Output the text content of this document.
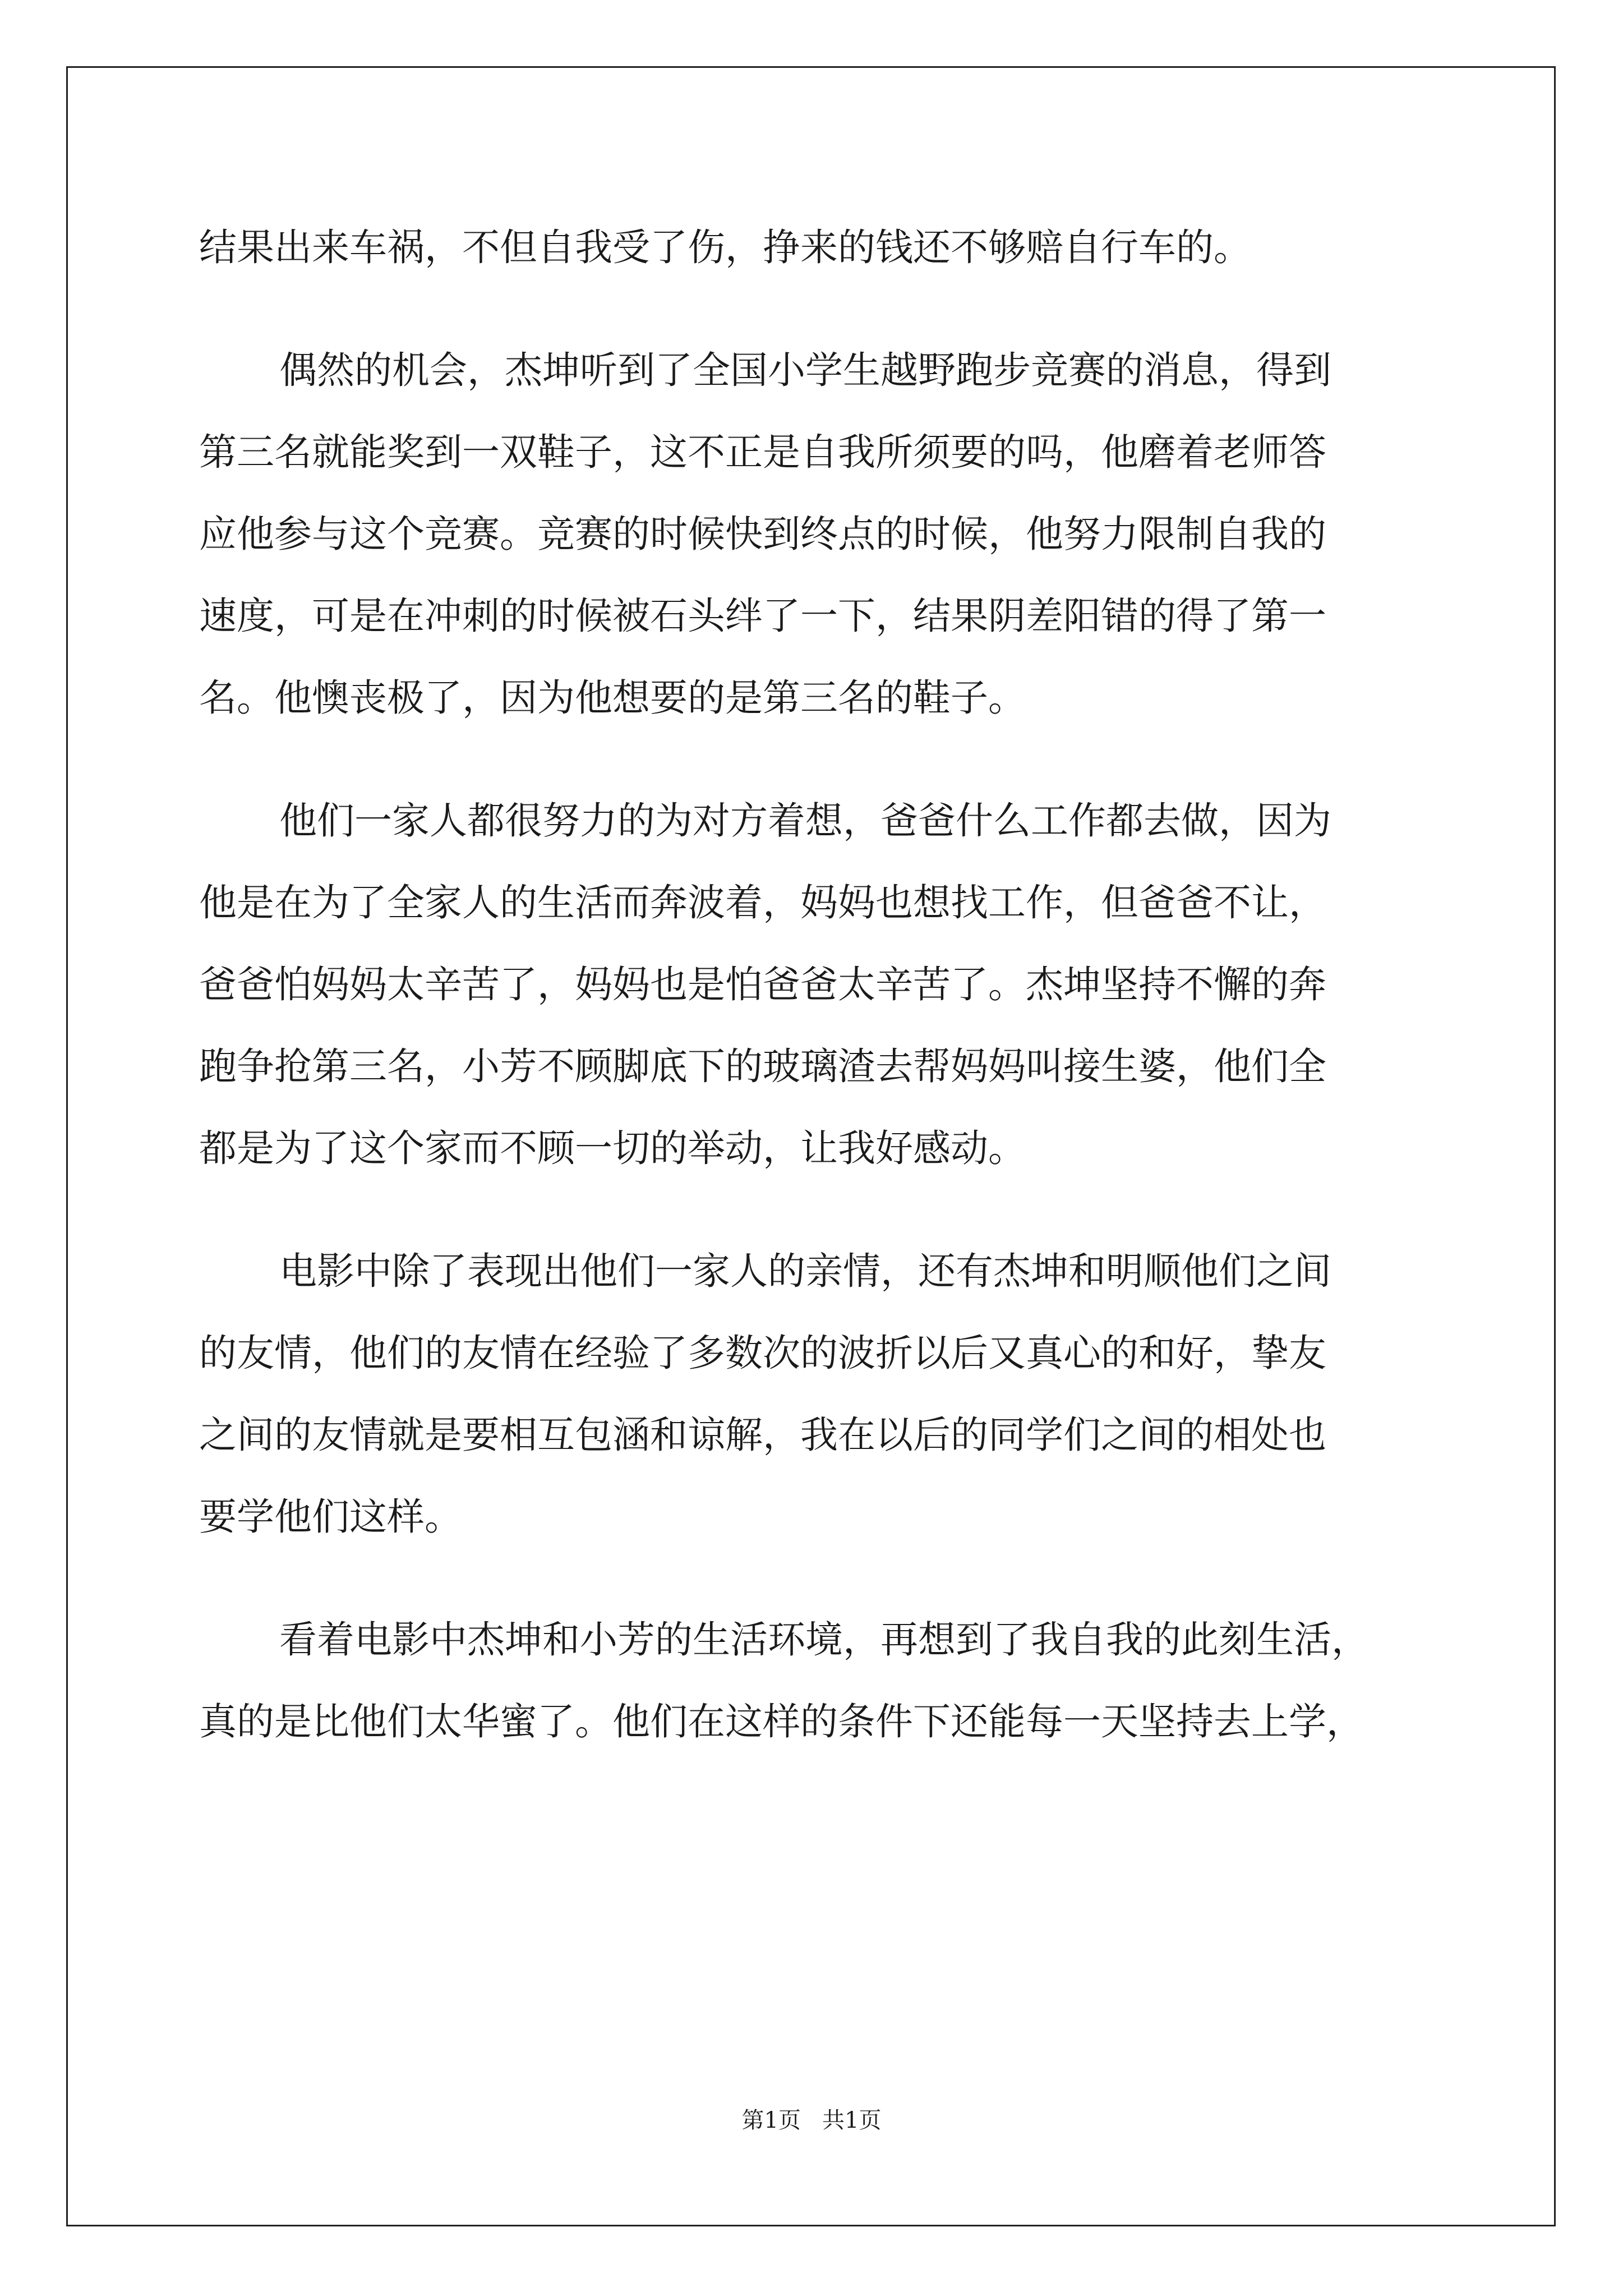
结果出来车祸，不但自我受了伤，挣来的钱还不够赔自行车的。
偶然的机会，杰坤听到了全国小学生越野跑步竞赛的消息，得到
第三名就能奖到一双鞋子，这不正是自我所须要的吗，他磨着老师答
应他参与这个竞赛。竞赛的时候快到终点的时候，他努力限制自我的
速度，可是在冲刺的时候被石头绊了一下，结果阴差阳错的得了第一
名。他懊丧极了，因为他想要的是第三名的鞋子。
他们一家人都很努力的为对方着想，爸爸什么工作都去做，因为
他是在为了全家人的生活而奔波着，妈妈也想找工作，但爸爸不让，
爸爸怕妈妈太辛苦了，妈妈也是怕爸爸太辛苦了。杰坤坚持不懈的奔
跑争抢第三名，小芳不顾脚底下的玻璃渣去帮妈妈叫接生婆，他们全
都是为了这个家而不顾一切的举动，让我好感动。
电影中除了表现出他们一家人的亲情，还有杰坤和明顺他们之间
的友情，他们的友情在经验了多数次的波折以后又真心的和好，挚友
之间的友情就是要相互包涵和谅解，我在以后的同学们之间的相处也
要学他们这样。
看着电影中杰坤和小芳的生活环境，再想到了我自我的此刻生活，
真的是比他们太华蜜了。他们在这样的条件下还能每一天坚持去上学，
第1页 共1页
